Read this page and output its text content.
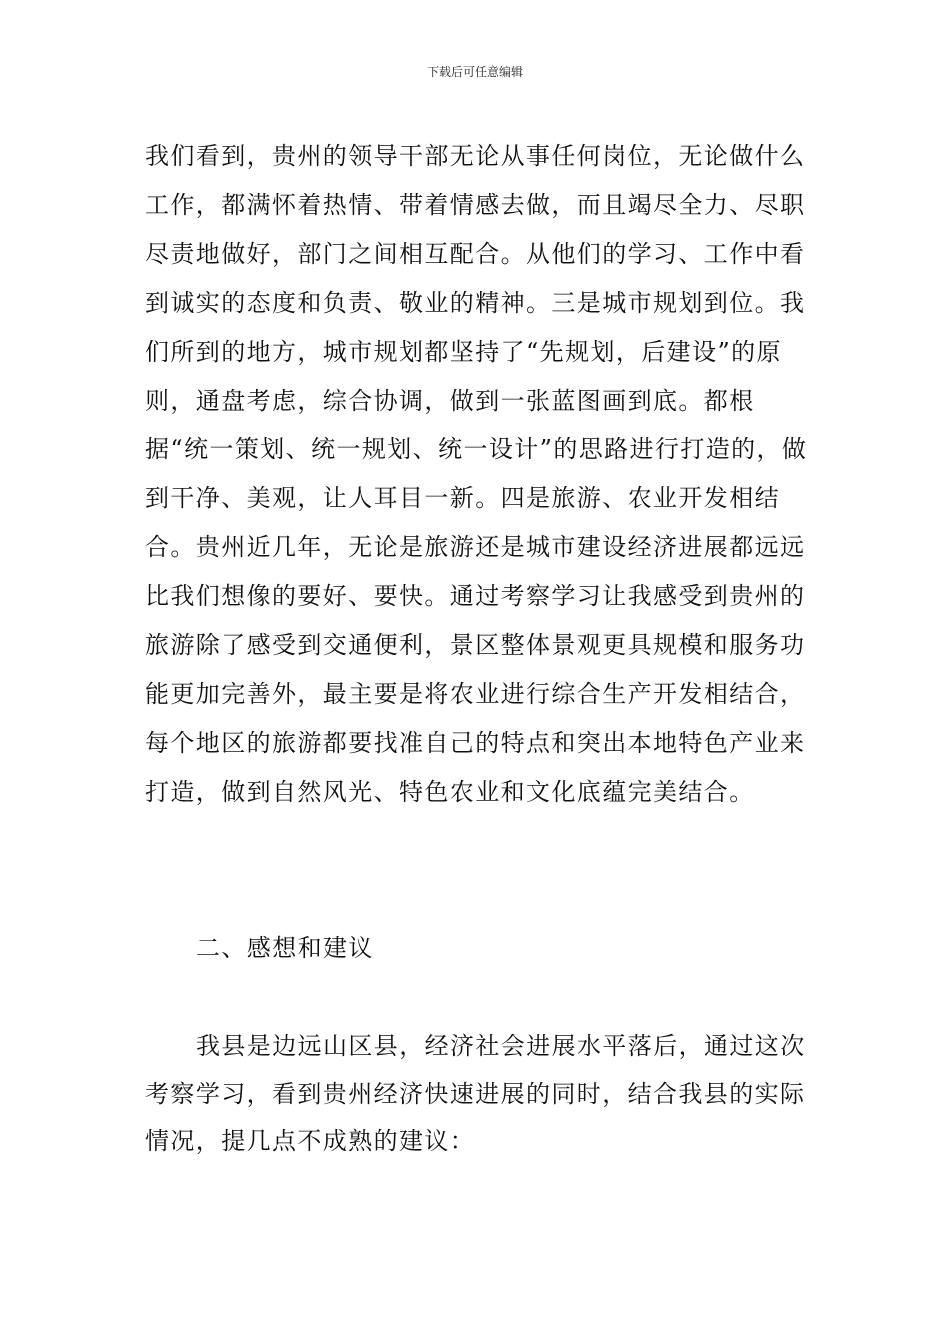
下载后可任意编辑

我们看到，贵州的领导干部无论从事任何岗位，无论做什么工作，都满怀着热情、带着情感去做，而且竭尽全力、尽职尽责地做好，部门之间相互配合。从他们的学习、工作中看到诚实的态度和负责、敬业的精神。三是城市规划到位。我们所到的地方，城市规划都坚持了“先规划，后建设”的原则，通盘考虑，综合协调，做到一张蓝图画到底。都根据“统一策划、统一规划、统一设计”的思路进行打造的，做到干净、美观，让人耳目一新。四是旅游、农业开发相结合。贵州近几年，无论是旅游还是城市建设经济进展都远远比我们想像的要好、要快。通过考察学习让我感受到贵州的旅游除了感受到交通便利，景区整体景观更具规模和服务功能更加完善外，最主要是将农业进行综合生产开发相结合，每个地区的旅游都要找准自己的特点和突出本地特色产业来打造，做到自然风光、特色农业和文化底蕴完美结合。

二、感想和建议

我县是边远山区县，经济社会进展水平落后，通过这次考察学习，看到贵州经济快速进展的同时，结合我县的实际情况，提几点不成熟的建议：
